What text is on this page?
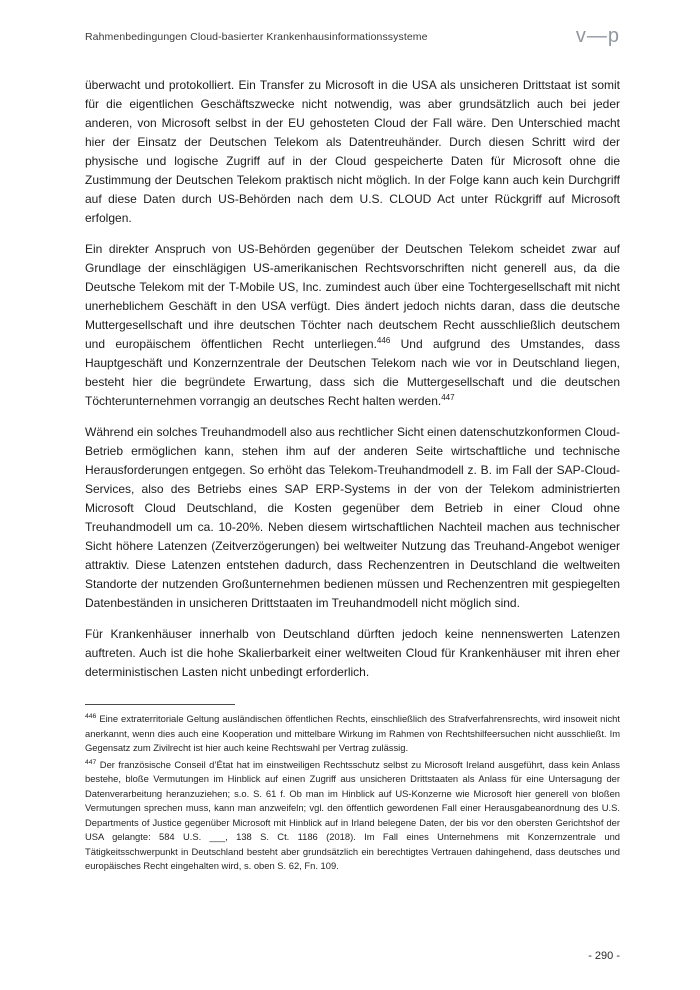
Rahmenbedingungen Cloud-basierter Krankenhausinformationssysteme	v—p

überwacht und protokolliert. Ein Transfer zu Microsoft in die USA als unsicheren Drittstaat ist somit für die eigentlichen Geschäftszwecke nicht notwendig, was aber grundsätzlich auch bei jeder anderen, von Microsoft selbst in der EU gehosteten Cloud der Fall wäre. Den Unterschied macht hier der Einsatz der Deutschen Telekom als Datentreuhänder. Durch diesen Schritt wird der physische und logische Zugriff auf in der Cloud gespeicherte Daten für Microsoft ohne die Zustimmung der Deutschen Telekom praktisch nicht möglich. In der Folge kann auch kein Durchgriff auf diese Daten durch US-Behörden nach dem U.S. CLOUD Act unter Rückgriff auf Microsoft erfolgen.

Ein direkter Anspruch von US-Behörden gegenüber der Deutschen Telekom scheidet zwar auf Grundlage der einschlägigen US-amerikanischen Rechtsvorschriften nicht generell aus, da die Deutsche Telekom mit der T-Mobile US, Inc. zumindest auch über eine Tochtergesellschaft mit nicht unerheblichem Geschäft in den USA verfügt. Dies ändert jedoch nichts daran, dass die deutsche Muttergesellschaft und ihre deutschen Töchter nach deutschem Recht ausschließlich deutschem und europäischem öffentlichen Recht unterliegen.$^{446}$ Und aufgrund des Umstandes, dass Hauptgeschäft und Konzernzentrale der Deutschen Telekom nach wie vor in Deutschland liegen, besteht hier die begründete Erwartung, dass sich die Muttergesellschaft und die deutschen Töchterunternehmen vorrangig an deutsches Recht halten werden.$^{447}$

Während ein solches Treuhandmodell also aus rechtlicher Sicht einen datenschutzkonformen Cloud-Betrieb ermöglichen kann, stehen ihm auf der anderen Seite wirtschaftliche und technische Herausforderungen entgegen. So erhöht das Telekom-Treuhandmodell z. B. im Fall der SAP-Cloud-Services, also des Betriebs eines SAP ERP-Systems in der von der Telekom administrierten Microsoft Cloud Deutschland, die Kosten gegenüber dem Betrieb in einer Cloud ohne Treuhandmodell um ca. 10-20%. Neben diesem wirtschaftlichen Nachteil machen aus technischer Sicht höhere Latenzen (Zeitverzögerungen) bei weltweiter Nutzung das Treuhand-Angebot weniger attraktiv. Diese Latenzen entstehen dadurch, dass Rechenzentren in Deutschland die weltweiten Standorte der nutzenden Großunternehmen bedienen müssen und Rechenzentren mit gespiegelten Datenbeständen in unsicheren Drittstaaten im Treuhandmodell nicht möglich sind.

Für Krankenhäuser innerhalb von Deutschland dürften jedoch keine nennenswerten Latenzen auftreten. Auch ist die hohe Skalierbarkeit einer weltweiten Cloud für Krankenhäuser mit ihren eher deterministischen Lasten nicht unbedingt erforderlich.

$^{446}$ Eine extraterritoriale Geltung ausländischen öffentlichen Rechts, einschließlich des Strafverfahrensrechts, wird insoweit nicht anerkannt, wenn dies auch eine Kooperation und mittelbare Wirkung im Rahmen von Rechtshilfeersuchen nicht ausschließt. Im Gegensatz zum Zivilrecht ist hier auch keine Rechtswahl per Vertrag zulässig.

$^{447}$ Der französische Conseil d’État hat im einstweiligen Rechtsschutz selbst zu Microsoft Ireland ausgeführt, dass kein Anlass bestehe, bloße Vermutungen im Hinblick auf einen Zugriff aus unsicheren Drittstaaten als Anlass für eine Untersagung der Datenverarbeitung heranzuziehen; s.o. S. 61 f. Ob man im Hinblick auf US-Konzerne wie Microsoft hier generell von bloßen Vermutungen sprechen muss, kann man anzweifeln; vgl. den öffentlich gewordenen Fall einer Herausgabeanordnung des U.S. Departments of Justice gegenüber Microsoft mit Hinblick auf in Irland belegene Daten, der bis vor den obersten Gerichtshof der USA gelangte: 584 U.S. ___, 138 S. Ct. 1186 (2018). Im Fall eines Unternehmens mit Konzernzentrale und Tätigkeitsschwerpunkt in Deutschland besteht aber grundsätzlich ein berechtigtes Vertrauen dahingehend, dass deutsches und europäisches Recht eingehalten wird, s. oben S. 62, Fn. 109.

- 290 -
